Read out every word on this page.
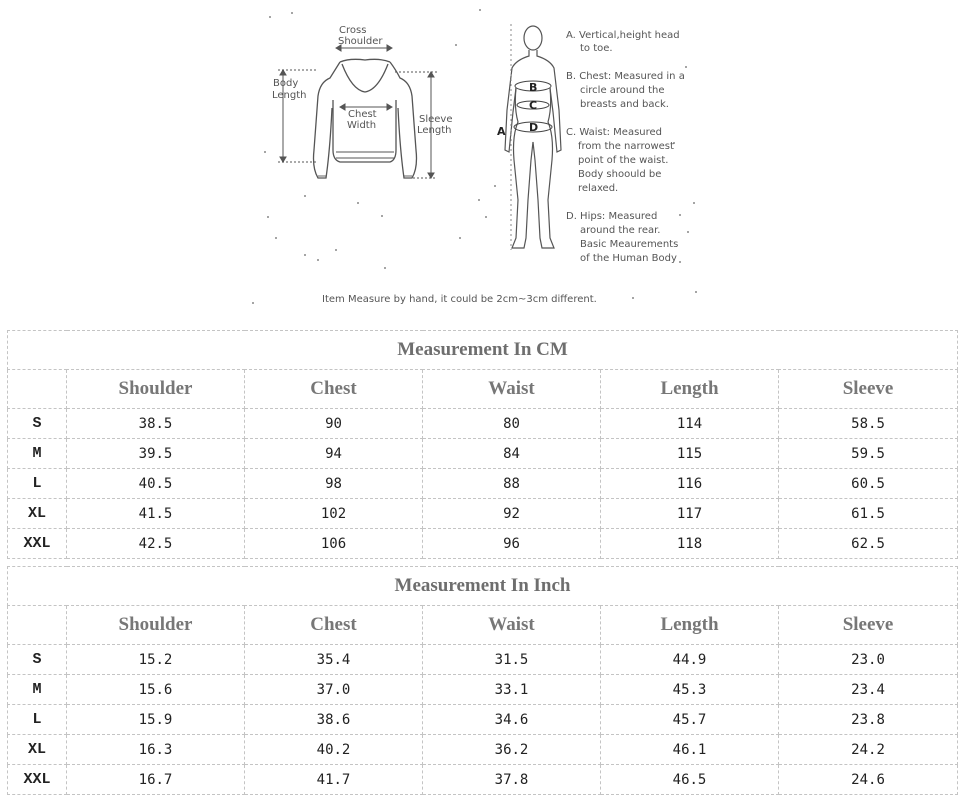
Cross
Shoulder
Body
Length
Chest
Width
Sleeve
Length	A
B
C
D
A. Vertical,height head
to toe.
B. Chest: Measured in a
circle around the
breasts and back.
C. Waist: Measured
from the narrowest
point of the waist.
Body shoould be
relaxed.
D. Hips: Measured
around the rear.
Basic Meaurements
of the Human Body
Item Measure by hand, it could be 2cm~3cm different.
Measurement In CM					
	Shoulder	Chest	Waist	Length	Sleeve
S	38.5	90	80	114	58.5
M	39.5	94	84	115	59.5
L	40.5	98	88	116	60.5
XL	41.5	102	92	117	61.5
XXL	42.5	106	96	118	62.5
Measurement In Inch					
	Shoulder	Chest	Waist	Length	Sleeve
S	15.2	35.4	31.5	44.9	23.0
M	15.6	37.0	33.1	45.3	23.4
L	15.9	38.6	34.6	45.7	23.8
XL	16.3	40.2	36.2	46.1	24.2
XXL	16.7	41.7	37.8	46.5	24.6
